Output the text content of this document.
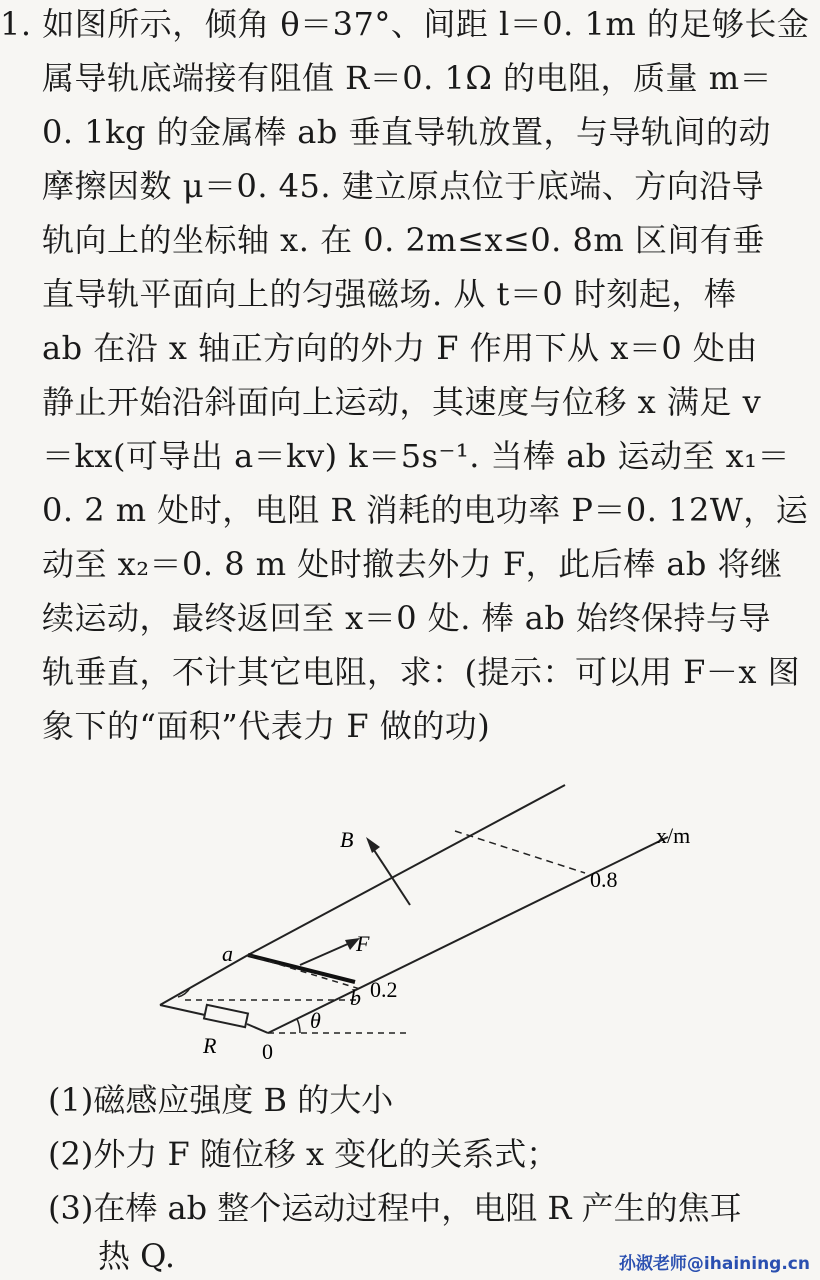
1. 如图所示，倾角 θ＝37°、间距 l＝0. 1m 的足够长金
属导轨底端接有阻值 R＝0. 1Ω 的电阻，质量 m＝
0. 1kg 的金属棒 ab 垂直导轨放置，与导轨间的动
摩擦因数 μ＝0. 45. 建立原点位于底端、方向沿导
轨向上的坐标轴 x. 在 0. 2m≤x≤0. 8m 区间有垂
直导轨平面向上的匀强磁场. 从 t＝0 时刻起，棒
ab 在沿 x 轴正方向的外力 F 作用下从 x＝0 处由
静止开始沿斜面向上运动，其速度与位移 x 满足 v
＝kx(可导出 a＝kv) k＝5s⁻¹. 当棒 ab 运动至 x₁＝
0. 2 m 处时，电阻 R 消耗的电功率 P＝0. 12W，运
动至 x₂＝0. 8 m 处时撤去外力 F，此后棒 ab 将继
续运动，最终返回至 x＝0 处. 棒 ab 始终保持与导
轨垂直，不计其它电阻，求：(提示：可以用 F－x 图
象下的“面积”代表力 F 做的功)
B
F
a
b 0.2
0.8
x/m
R 0
θ
(1)磁感应强度 B 的大小
(2)外力 F 随位移 x 变化的关系式；
(3)在棒 ab 整个运动过程中，电阻 R 产生的焦耳
热 Q.	孙淑老师@ihaining.cn
